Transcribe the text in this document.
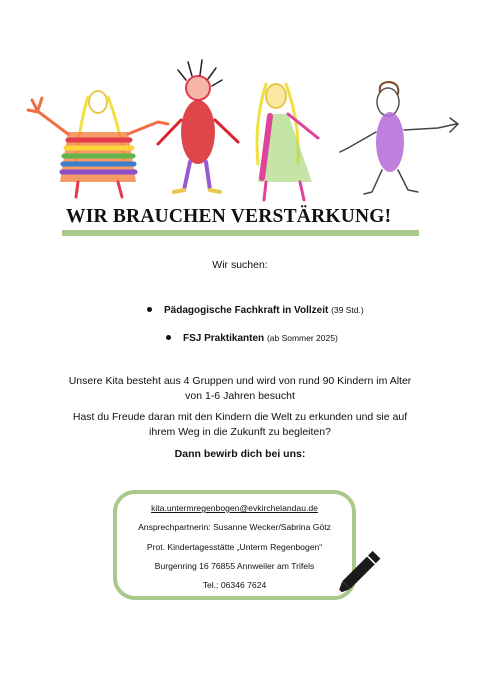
WIR BRAUCHEN VERSTÄRKUNG!
Wir suchen:
Pädagogische Fachkraft in Vollzeit (39 Std.)
FSJ Praktikanten (ab Sommer 2025)
Unsere Kita besteht aus 4 Gruppen und wird von rund 90 Kindern im Alter
von 1-6 Jahren besucht
Hast du Freude daran mit den Kindern die Welt zu erkunden und sie auf
ihrem Weg in die Zukunft zu begleiten?
Dann bewirb dich bei uns:
kita.untermregenbogen@evkirchelandau.de
Ansprechpartnerin: Susanne Wecker/Sabrina Götz
Prot. Kindertagesstätte „Unterm Regenbogen“
Burgenring 16 76855 Annweiler am Trifels
Tel.: 06346 7624
